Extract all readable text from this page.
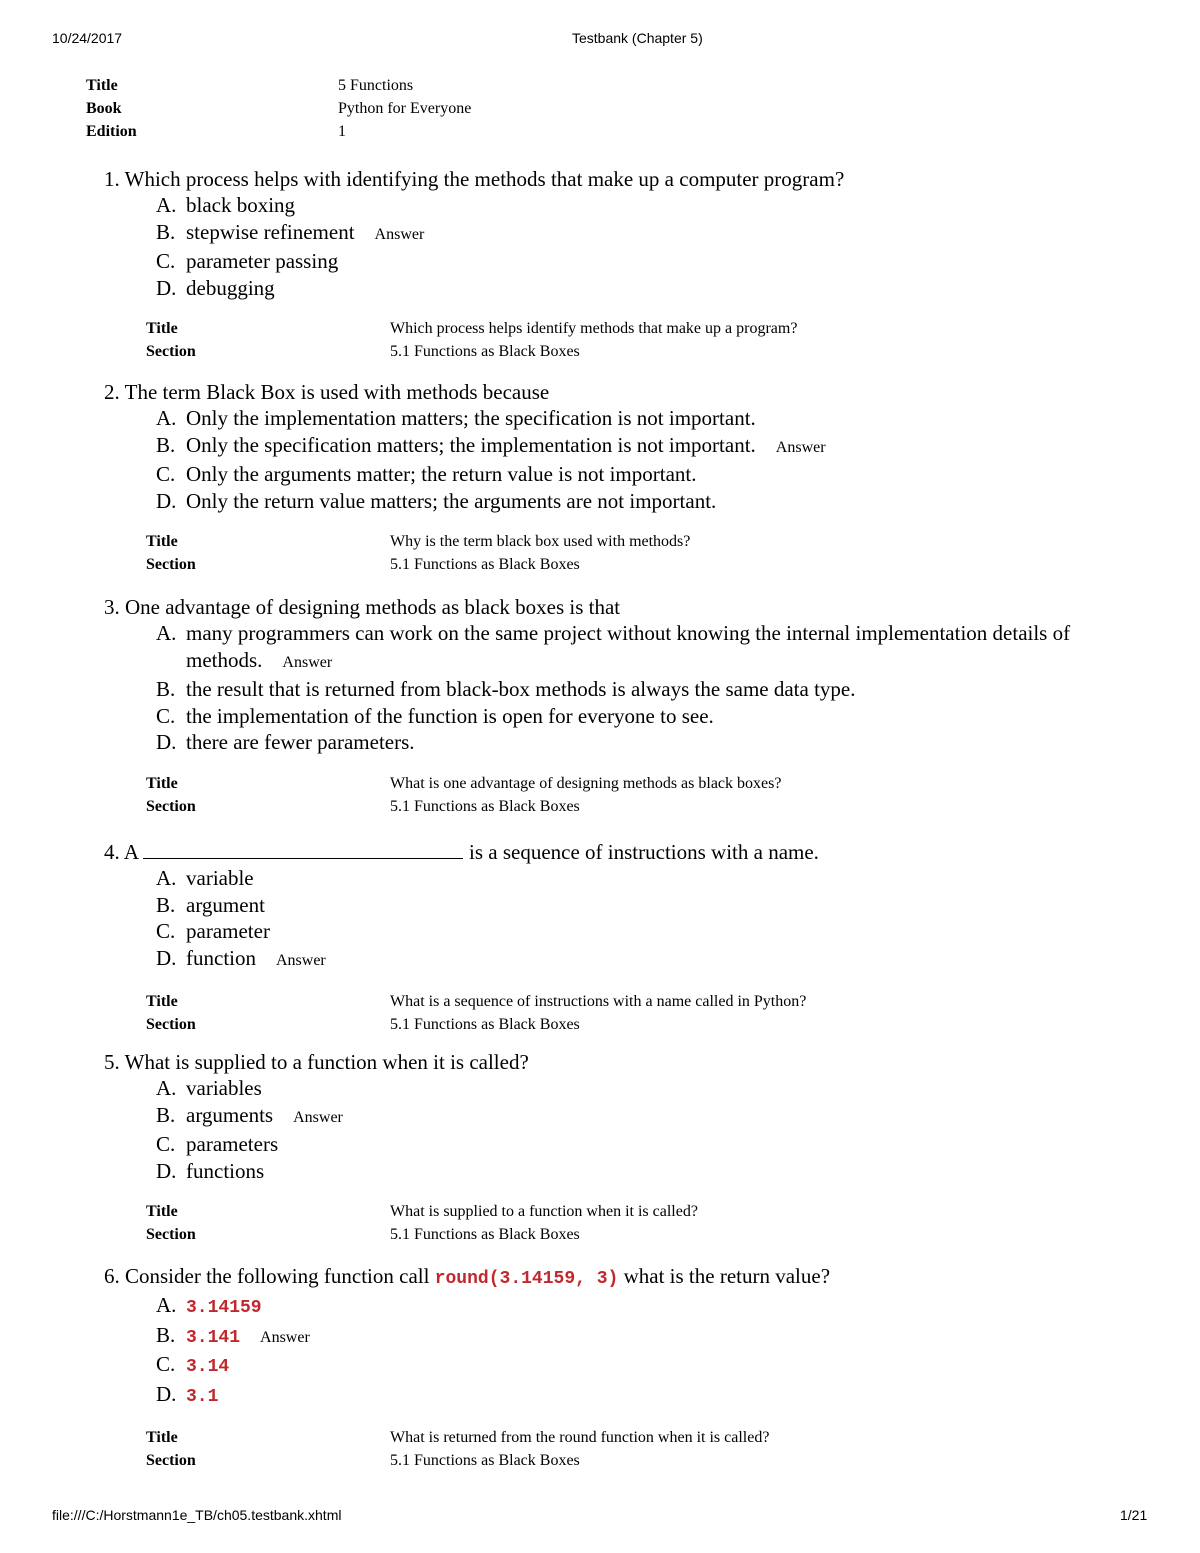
10/24/2017	Testbank (Chapter 5)
Title	5 Functions
Book	Python for Everyone
Edition	1
1. Which process helps with identifying the methods that make up a computer program?
A. black boxing
B. stepwise refinement Answer
C. parameter passing
D. debugging
Title	Which process helps identify methods that make up a program?
Section	5.1 Functions as Black Boxes
2. The term Black Box is used with methods because
A. Only the implementation matters; the specification is not important.
B. Only the specification matters; the implementation is not important. Answer
C. Only the arguments matter; the return value is not important.
D. Only the return value matters; the arguments are not important.
Title	Why is the term black box used with methods?
Section	5.1 Functions as Black Boxes
3. One advantage of designing methods as black boxes is that
A. many programmers can work on the same project without knowing the internal implementation details of methods. Answer
B. the result that is returned from black-box methods is always the same data type.
C. the implementation of the function is open for everyone to see.
D. there are fewer parameters.
Title	What is one advantage of designing methods as black boxes?
Section	5.1 Functions as Black Boxes
4. A	is a sequence of instructions with a name.
A. variable
B. argument
C. parameter
D. function Answer
Title	What is a sequence of instructions with a name called in Python?
Section	5.1 Functions as Black Boxes
5. What is supplied to a function when it is called?
A. variables
B. arguments Answer
C. parameters
D. functions
Title	What is supplied to a function when it is called?
Section	5.1 Functions as Black Boxes
6. Consider the following function call round(3.14159, 3) what is the return value?
A. 3.14159
B. 3.141 Answer
C. 3.14
D. 3.1
Title	What is returned from the round function when it is called?
Section	5.1 Functions as Black Boxes
file:///C:/Horstmann1e_TB/ch05.testbank.xhtml	1/21
